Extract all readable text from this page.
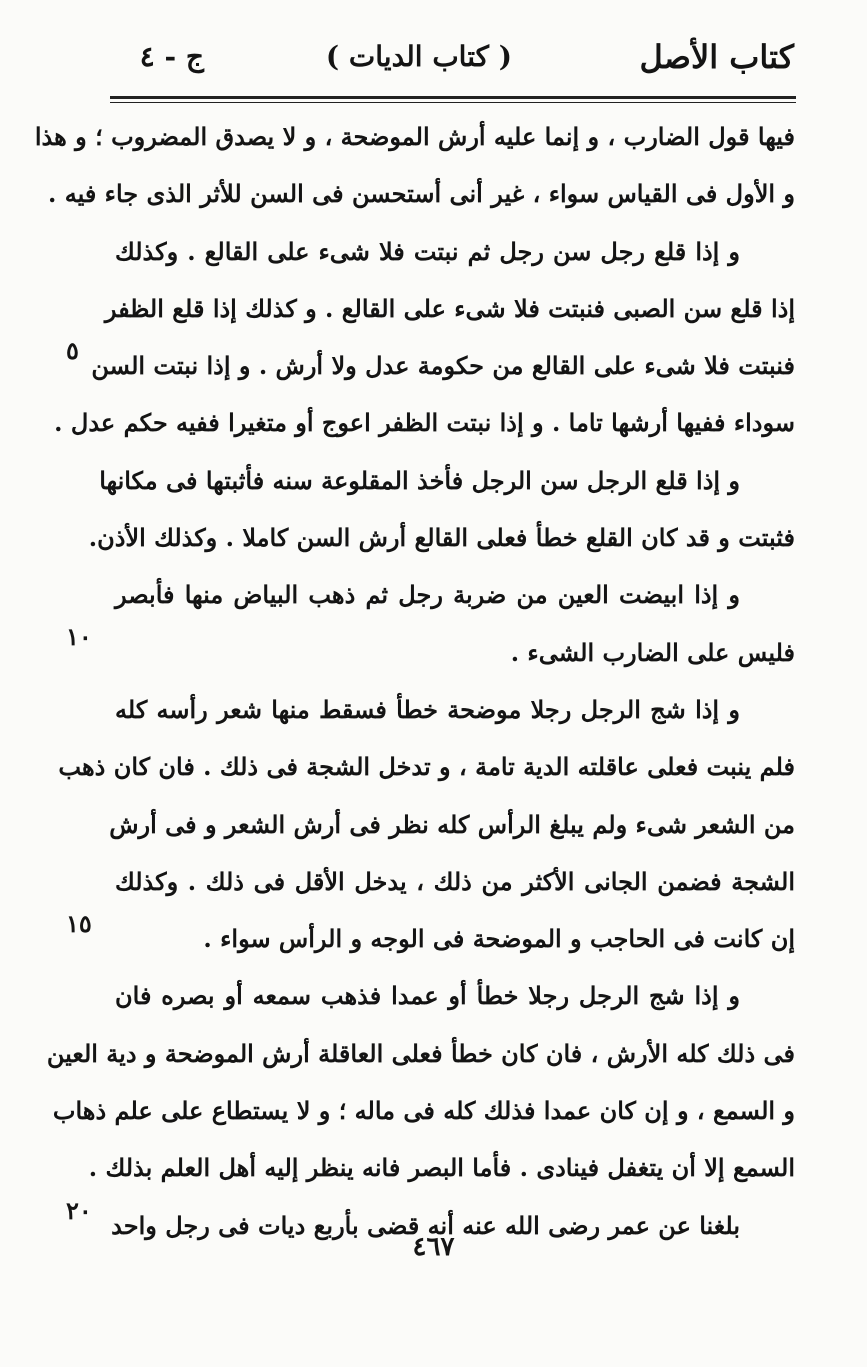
كتاب الأصل
( كتاب الديات )
ج - ٤
فيها قول الضارب ، و إنما عليه أرش الموضحة ، و لا يصدق المضروب ؛ و هذا
و الأول فى القياس سواء ، غير أنى أستحسن فى السن للأثر الذى جاء فيه .
و إذا قلع رجل سن رجل ثم نبتت فلا شىء على القالع . وكذلك
إذا قلع سن الصبى فنبتت فلا شىء على القالع . و كذلك إذا قلع الظفر
فنبتت فلا شىء على القالع من حكومة عدل ولا أرش . و إذا نبتت السن
سوداء ففيها أرشها تاما . و إذا نبتت الظفر اعوج أو متغيرا ففيه حكم عدل .
و إذا قلع الرجل سن الرجل فأخذ المقلوعة سنه فأثبتها فى مكانها
فثبتت و قد كان القلع خطأ فعلى القالع أرش السن كاملا . وكذلك الأذن.
و إذا ابيضت العين من ضربة رجل ثم ذهب البياض منها فأبصر
فليس على الضارب الشىء .
و إذا شج الرجل رجلا موضحة خطأ فسقط منها شعر رأسه كله
فلم ينبت فعلى عاقلته الدية تامة ، و تدخل الشجة فى ذلك . فان كان ذهب
من الشعر شىء ولم يبلغ الرأس كله نظر فى أرش الشعر و فى أرش
الشجة فضمن الجانى الأكثر من ذلك ، يدخل الأقل فى ذلك . وكذلك
إن كانت فى الحاجب و الموضحة فى الوجه و الرأس سواء .
و إذا شج الرجل رجلا خطأ أو عمدا فذهب سمعه أو بصره فان
فى ذلك كله الأرش ، فان كان خطأ فعلى العاقلة أرش الموضحة و دية العين
و السمع ، و إن كان عمدا فذلك كله فى ماله ؛ و لا يستطاع على علم ذهاب
السمع إلا أن يتغفل فينادى . فأما البصر فانه ينظر إليه أهل العلم بذلك .
بلغنا عن عمر رضى الله عنه أنه قضى بأربع ديات فى رجل واحد
٥
١٠
١٥
٢٠
٤٦٧
